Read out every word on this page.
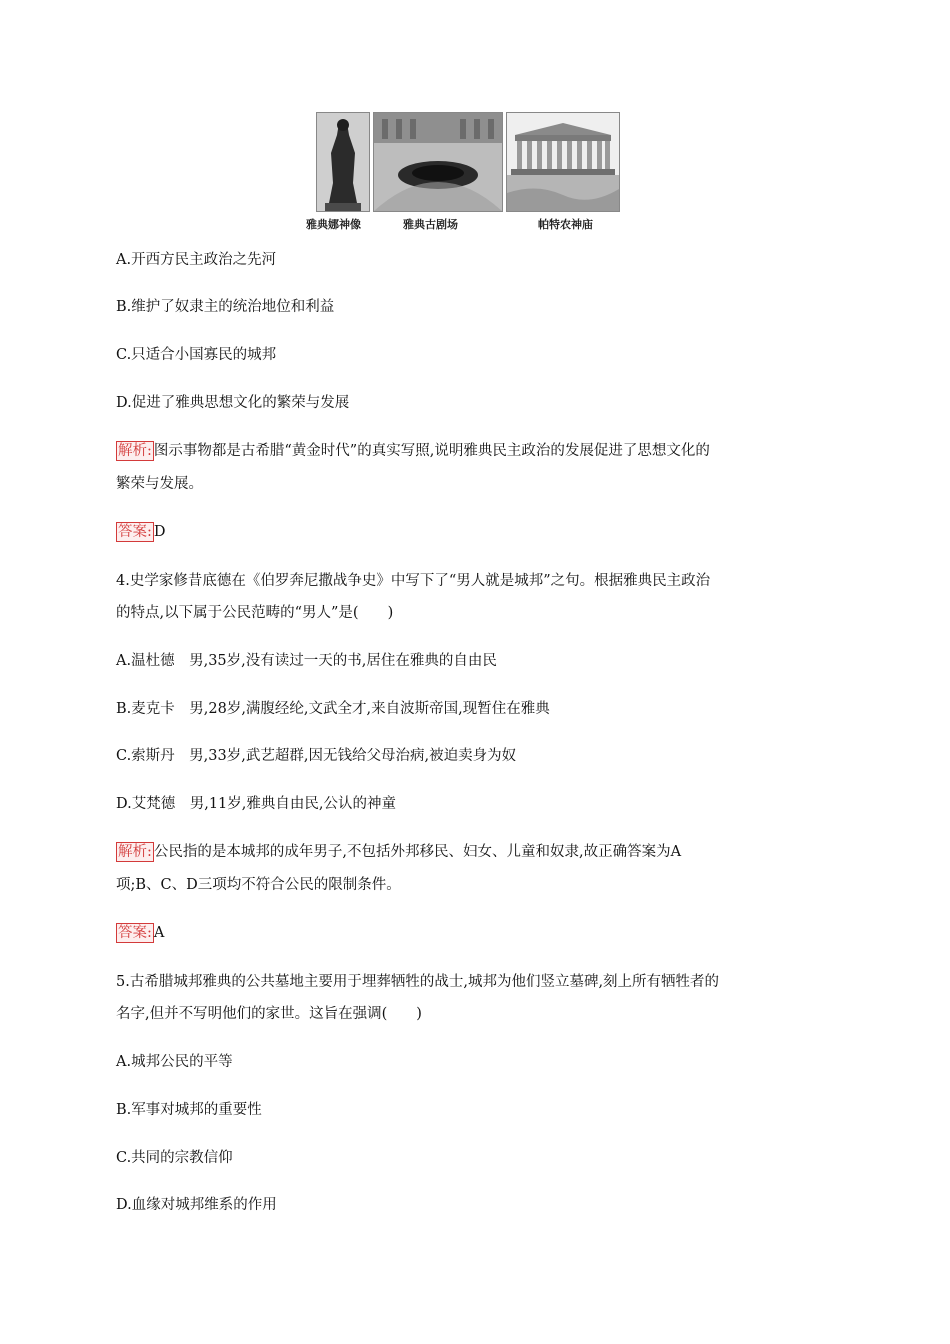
雅典娜神像	雅典古剧场	帕特农神庙
A.开西方民主政治之先河
B.维护了奴隶主的统治地位和利益
C.只适合小国寡民的城邦
D.促进了雅典思想文化的繁荣与发展
解析: 图示事物都是古希腊“黄金时代”的真实写照,说明雅典民主政治的发展促进了思想文化的
繁荣与发展。
答案: D
4.史学家修昔底德在《伯罗奔尼撒战争史》中写下了“男人就是城邦”之句。根据雅典民主政治
的特点,以下属于公民范畴的“男人”是(　　)
A.温杜德　男,35岁,没有读过一天的书,居住在雅典的自由民
B.麦克卡　男,28岁,满腹经纶,文武全才,来自波斯帝国,现暂住在雅典
C.索斯丹　男,33岁,武艺超群,因无钱给父母治病,被迫卖身为奴
D.艾梵德　男,11岁,雅典自由民,公认的神童
解析: 公民指的是本城邦的成年男子,不包括外邦移民、妇女、儿童和奴隶,故正确答案为A
项;B、C、D三项均不符合公民的限制条件。
答案: A
5.古希腊城邦雅典的公共墓地主要用于埋葬牺牲的战士,城邦为他们竖立墓碑,刻上所有牺牲者的
名字,但并不写明他们的家世。这旨在强调(　　)
A.城邦公民的平等
B.军事对城邦的重要性
C.共同的宗教信仰
D.血缘对城邦维系的作用
